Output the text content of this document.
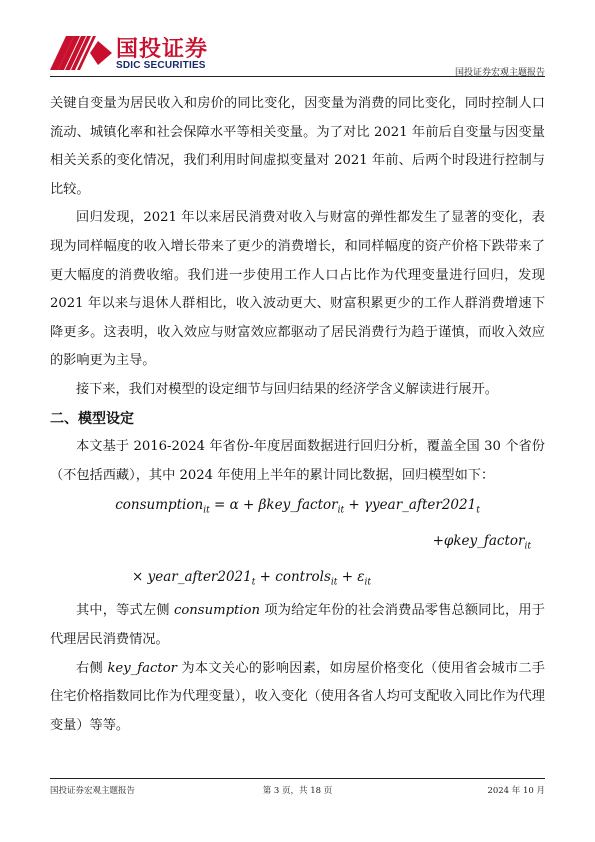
国投证券
SDIC SECURITIES
国投证券宏观主题报告

关键自变量为居民收入和房价的同比变化，因变量为消费的同比变化，同时控制人口流动、城镇化率和社会保障水平等相关变量。为了对比 2021 年前后自变量与因变量相关关系的变化情况，我们利用时间虚拟变量对 2021 年前、后两个时段进行控制与比较。

回归发现，2021 年以来居民消费对收入与财富的弹性都发生了显著的变化，表现为同样幅度的收入增长带来了更少的消费增长，和同样幅度的资产价格下跌带来了更大幅度的消费收缩。我们进一步使用工作人口占比作为代理变量进行回归，发现 2021 年以来与退休人群相比，收入波动更大、财富积累更少的工作人群消费增速下降更多。这表明，收入效应与财富效应都驱动了居民消费行为趋于谨慎，而收入效应的影响更为主导。

接下来，我们对模型的设定细节与回归结果的经济学含义解读进行展开。

二、模型设定

本文基于 2016-2024 年省份-年度居面数据进行回归分析，覆盖全国 30 个省份（不包括西藏），其中 2024 年使用上半年的累计同比数据，回归模型如下：

consumption$_{it}$ = α + βkey_factor$_{it}$ + $\gamma year\_after2021_t$
+φkey_factor$_{it}$
× $year\_after2021_t$ + controls$_{it}$ + $\varepsilon_{it}$

其中，等式左侧 consumption 项为给定年份的社会消费品零售总额同比，用于代理居民消费情况。

右侧 key_factor 为本文关心的影响因素，如房屋价格变化（使用省会城市二手住宅价格指数同比作为代理变量），收入变化（使用各省人均可支配收入同比作为代理变量）等等。

国投证券宏观主题报告	第 3 页，共 18 页	2024 年 10 月
